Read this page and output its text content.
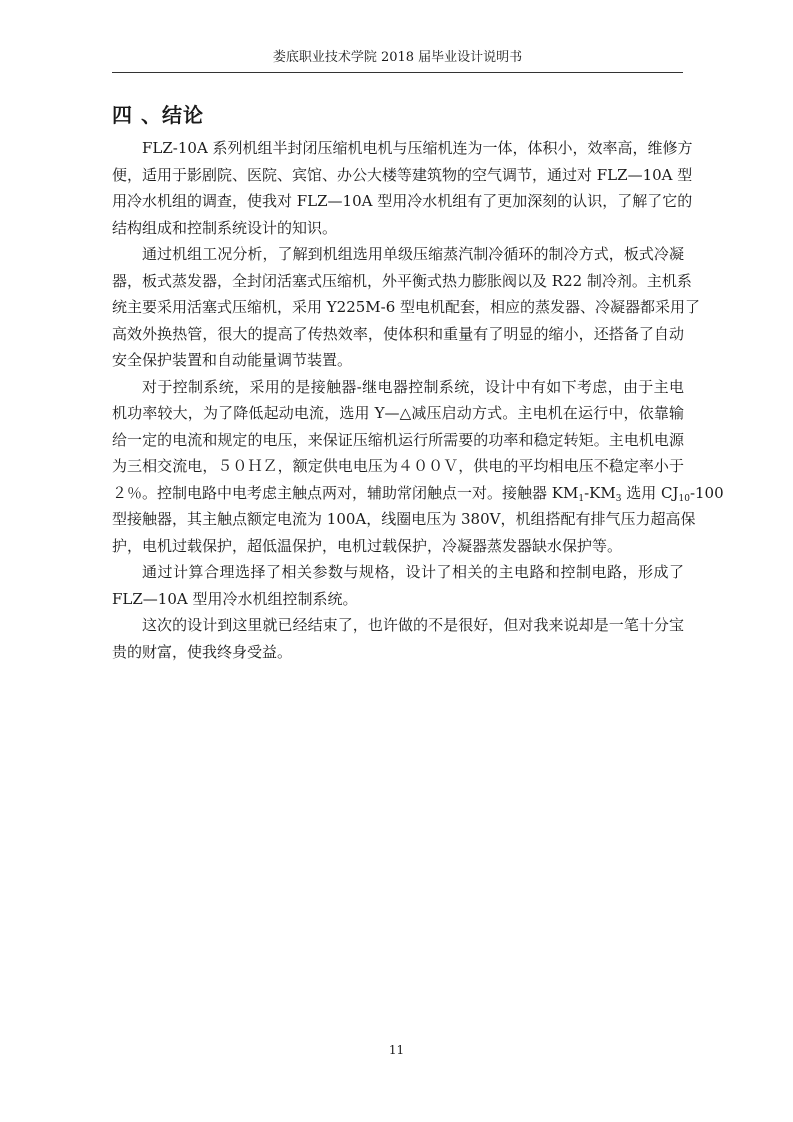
娄底职业技术学院 2018 届毕业设计说明书
四 、结论

FLZ-10A 系列机组半封闭压缩机电机与压缩机连为一体，体积小，效率高，维修方
便，适用于影剧院、医院、宾馆、办公大楼等建筑物的空气调节，通过对 FLZ—10A 型
用冷水机组的调查，使我对 FLZ—10A 型用冷水机组有了更加深刻的认识，了解了它的
结构组成和控制系统设计的知识。

通过机组工况分析，了解到机组选用单级压缩蒸汽制冷循环的制冷方式，板式冷凝
器，板式蒸发器，全封闭活塞式压缩机，外平衡式热力膨胀阀以及 R22 制冷剂。主机系
统主要采用活塞式压缩机，采用 Y225M-6 型电机配套，相应的蒸发器、冷凝器都采用了
高效外换热管，很大的提高了传热效率，使体积和重量有了明显的缩小，还搭备了自动
安全保护装置和自动能量调节装置。

对于控制系统，采用的是接触器-继电器控制系统，设计中有如下考虑，由于主电
机功率较大，为了降低起动电流，选用 Y—△减压启动方式。主电机在运行中，依靠输
给一定的电流和规定的电压，来保证压缩机运行所需要的功率和稳定转矩。主电机电源
为三相交流电，５０ＨＺ，额定供电电压为４００Ｖ，供电的平均相电压不稳定率小于
２％。控制电路中电考虑主触点两对，辅助常闭触点一对。接触器 $KM_1-KM_3$ 选用 $CJ_{10}-100$
型接触器，其主触点额定电流为 100A，线圈电压为 380V，机组搭配有排气压力超高保
护，电机过载保护，超低温保护，电机过载保护，冷凝器蒸发器缺水保护等。

通过计算合理选择了相关参数与规格，设计了相关的主电路和控制电路，形成了
FLZ—10A 型用冷水机组控制系统。

这次的设计到这里就已经结束了，也许做的不是很好，但对我来说却是一笔十分宝
贵的财富，使我终身受益。

11
